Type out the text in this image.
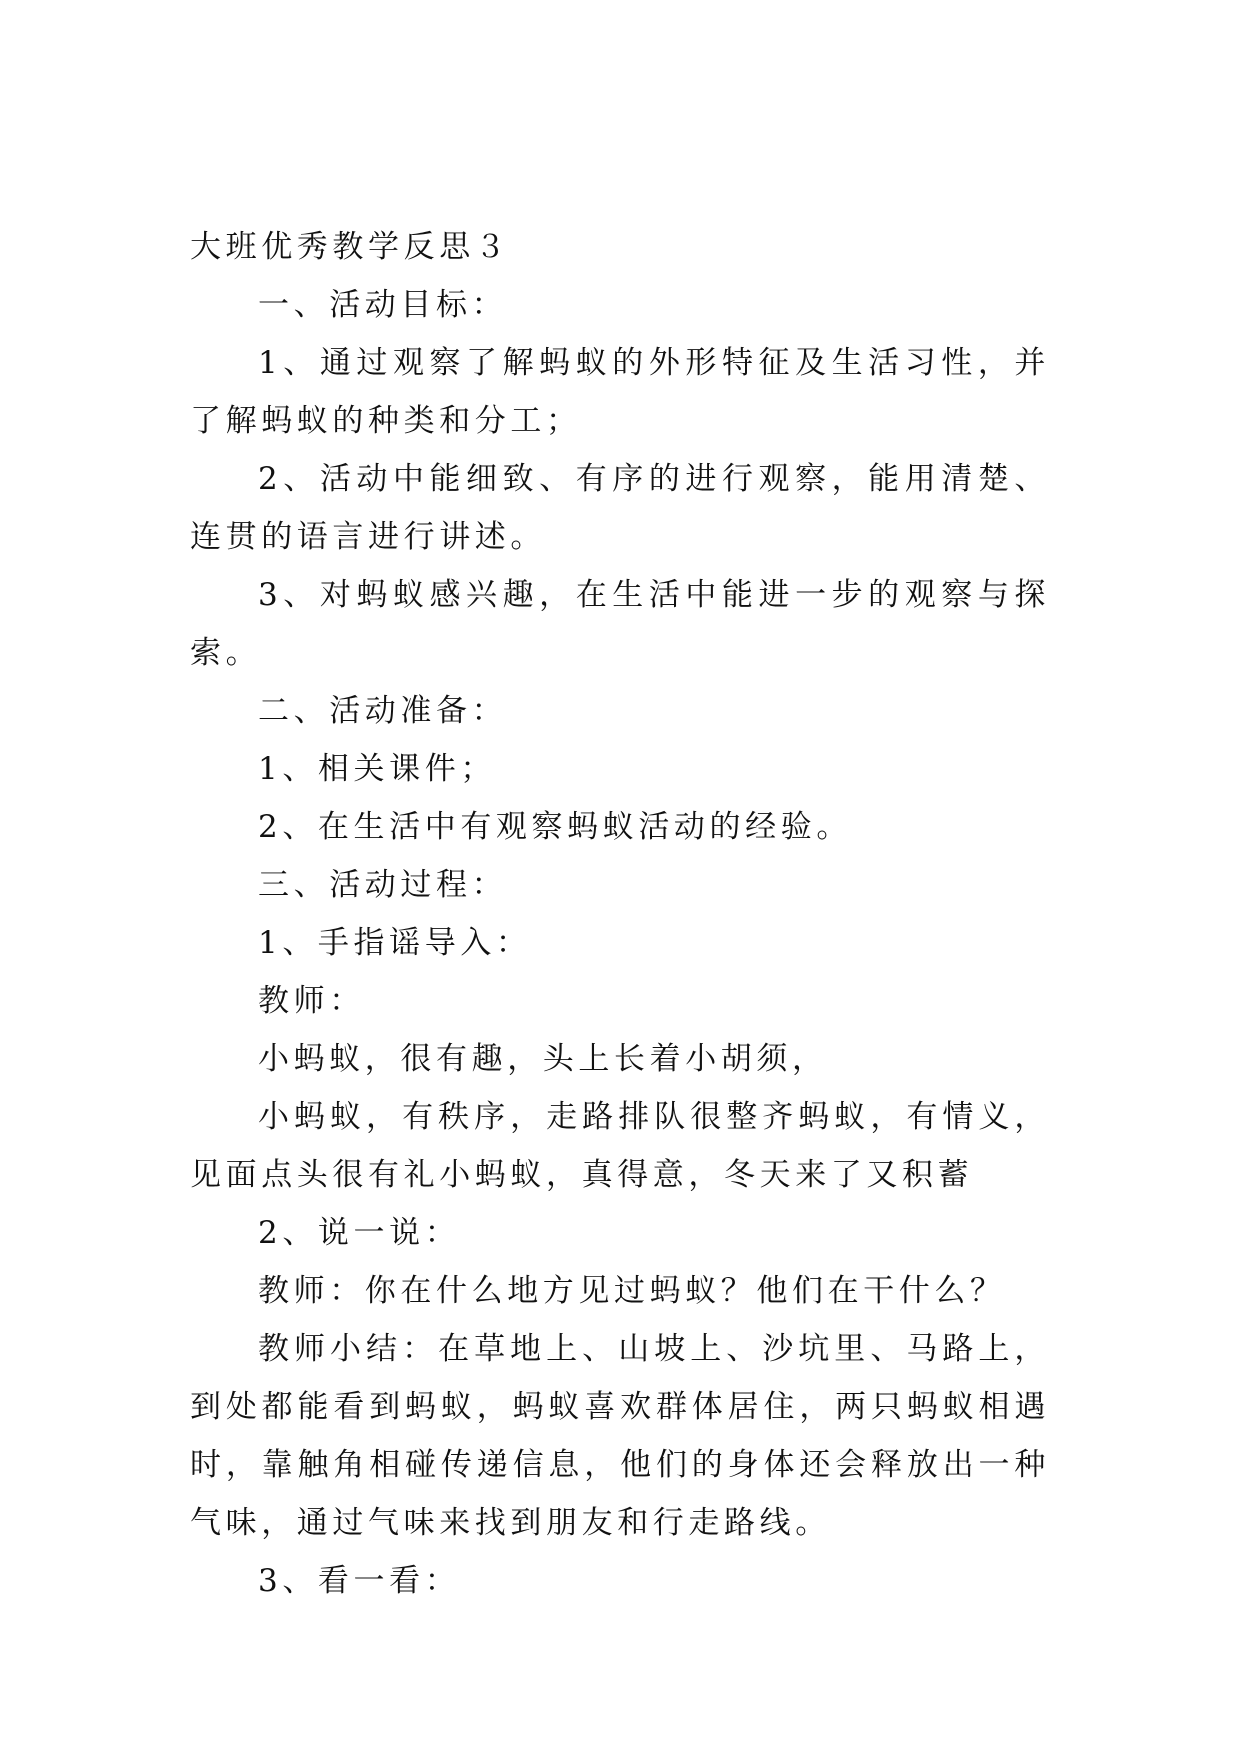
大班优秀教学反思３

一、活动目标：

1、通过观察了解蚂蚁的外形特征及生活习性，并了解蚂蚁的种类和分工；

2、活动中能细致、有序的进行观察，能用清楚、连贯的语言进行讲述。

3、对蚂蚁感兴趣，在生活中能进一步的观察与探索。

二、活动准备：

1、相关课件；

2、在生活中有观察蚂蚁活动的经验。

三、活动过程：

1、手指谣导入：

教师：

小蚂蚁，很有趣，头上长着小胡须，

小蚂蚁，有秩序，走路排队很整齐蚂蚁，有情义，见面点头很有礼小蚂蚁，真得意，冬天来了又积蓄

2、说一说：

教师：你在什么地方见过蚂蚁？他们在干什么？

教师小结：在草地上、山坡上、沙坑里、马路上，到处都能看到蚂蚁，蚂蚁喜欢群体居住，两只蚂蚁相遇时，靠触角相碰传递信息，他们的身体还会释放出一种气味，通过气味来找到朋友和行走路线。

3、看一看：
